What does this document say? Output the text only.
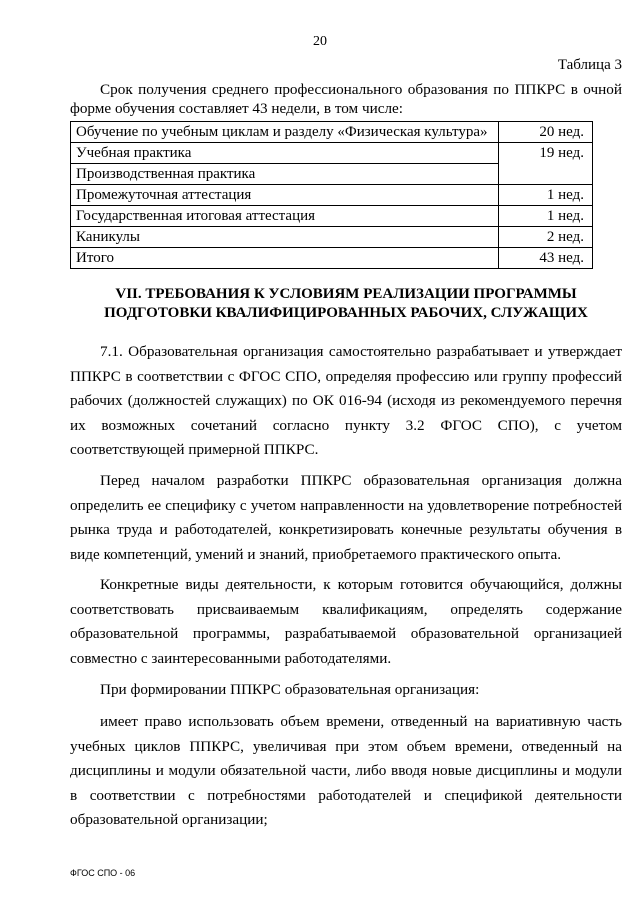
20
Таблица 3
Срок получения среднего профессионального образования по ППКРС в очной форме обучения составляет 43 недели, в том числе:
Обучение по учебным циклам и разделу «Физическая культура»	20 нед.
Учебная практика	19 нед.
Производственная практика	
Промежуточная аттестация	1 нед.
Государственная итоговая аттестация	1 нед.
Каникулы	2 нед.
Итого	43 нед.
VII. ТРЕБОВАНИЯ К УСЛОВИЯМ РЕАЛИЗАЦИИ ПРОГРАММЫ
ПОДГОТОВКИ КВАЛИФИЦИРОВАННЫХ РАБОЧИХ, СЛУЖАЩИХ
7.1. Образовательная организация самостоятельно разрабатывает и утверждает ППКРС в соответствии с ФГОС СПО, определяя профессию или группу профессий рабочих (должностей служащих) по ОК 016-94 (исходя из рекомендуемого перечня их возможных сочетаний согласно пункту 3.2 ФГОС СПО), с учетом соответствующей примерной ППКРС.
Перед началом разработки ППКРС образовательная организация должна определить ее специфику с учетом направленности на удовлетворение потребностей рынка труда и работодателей, конкретизировать конечные результаты обучения в виде компетенций, умений и знаний, приобретаемого практического опыта.
Конкретные виды деятельности, к которым готовится обучающийся, должны соответствовать присваиваемым квалификациям, определять содержание образовательной программы, разрабатываемой образовательной организацией совместно с заинтересованными работодателями.
При формировании ППКРС образовательная организация:
имеет право использовать объем времени, отведенный на вариативную часть учебных циклов ППКРС, увеличивая при этом объем времени, отведенный на дисциплины и модули обязательной части, либо вводя новые дисциплины и модули в соответствии с потребностями работодателей и спецификой деятельности образовательной организации;
ФГОС СПО - 06
